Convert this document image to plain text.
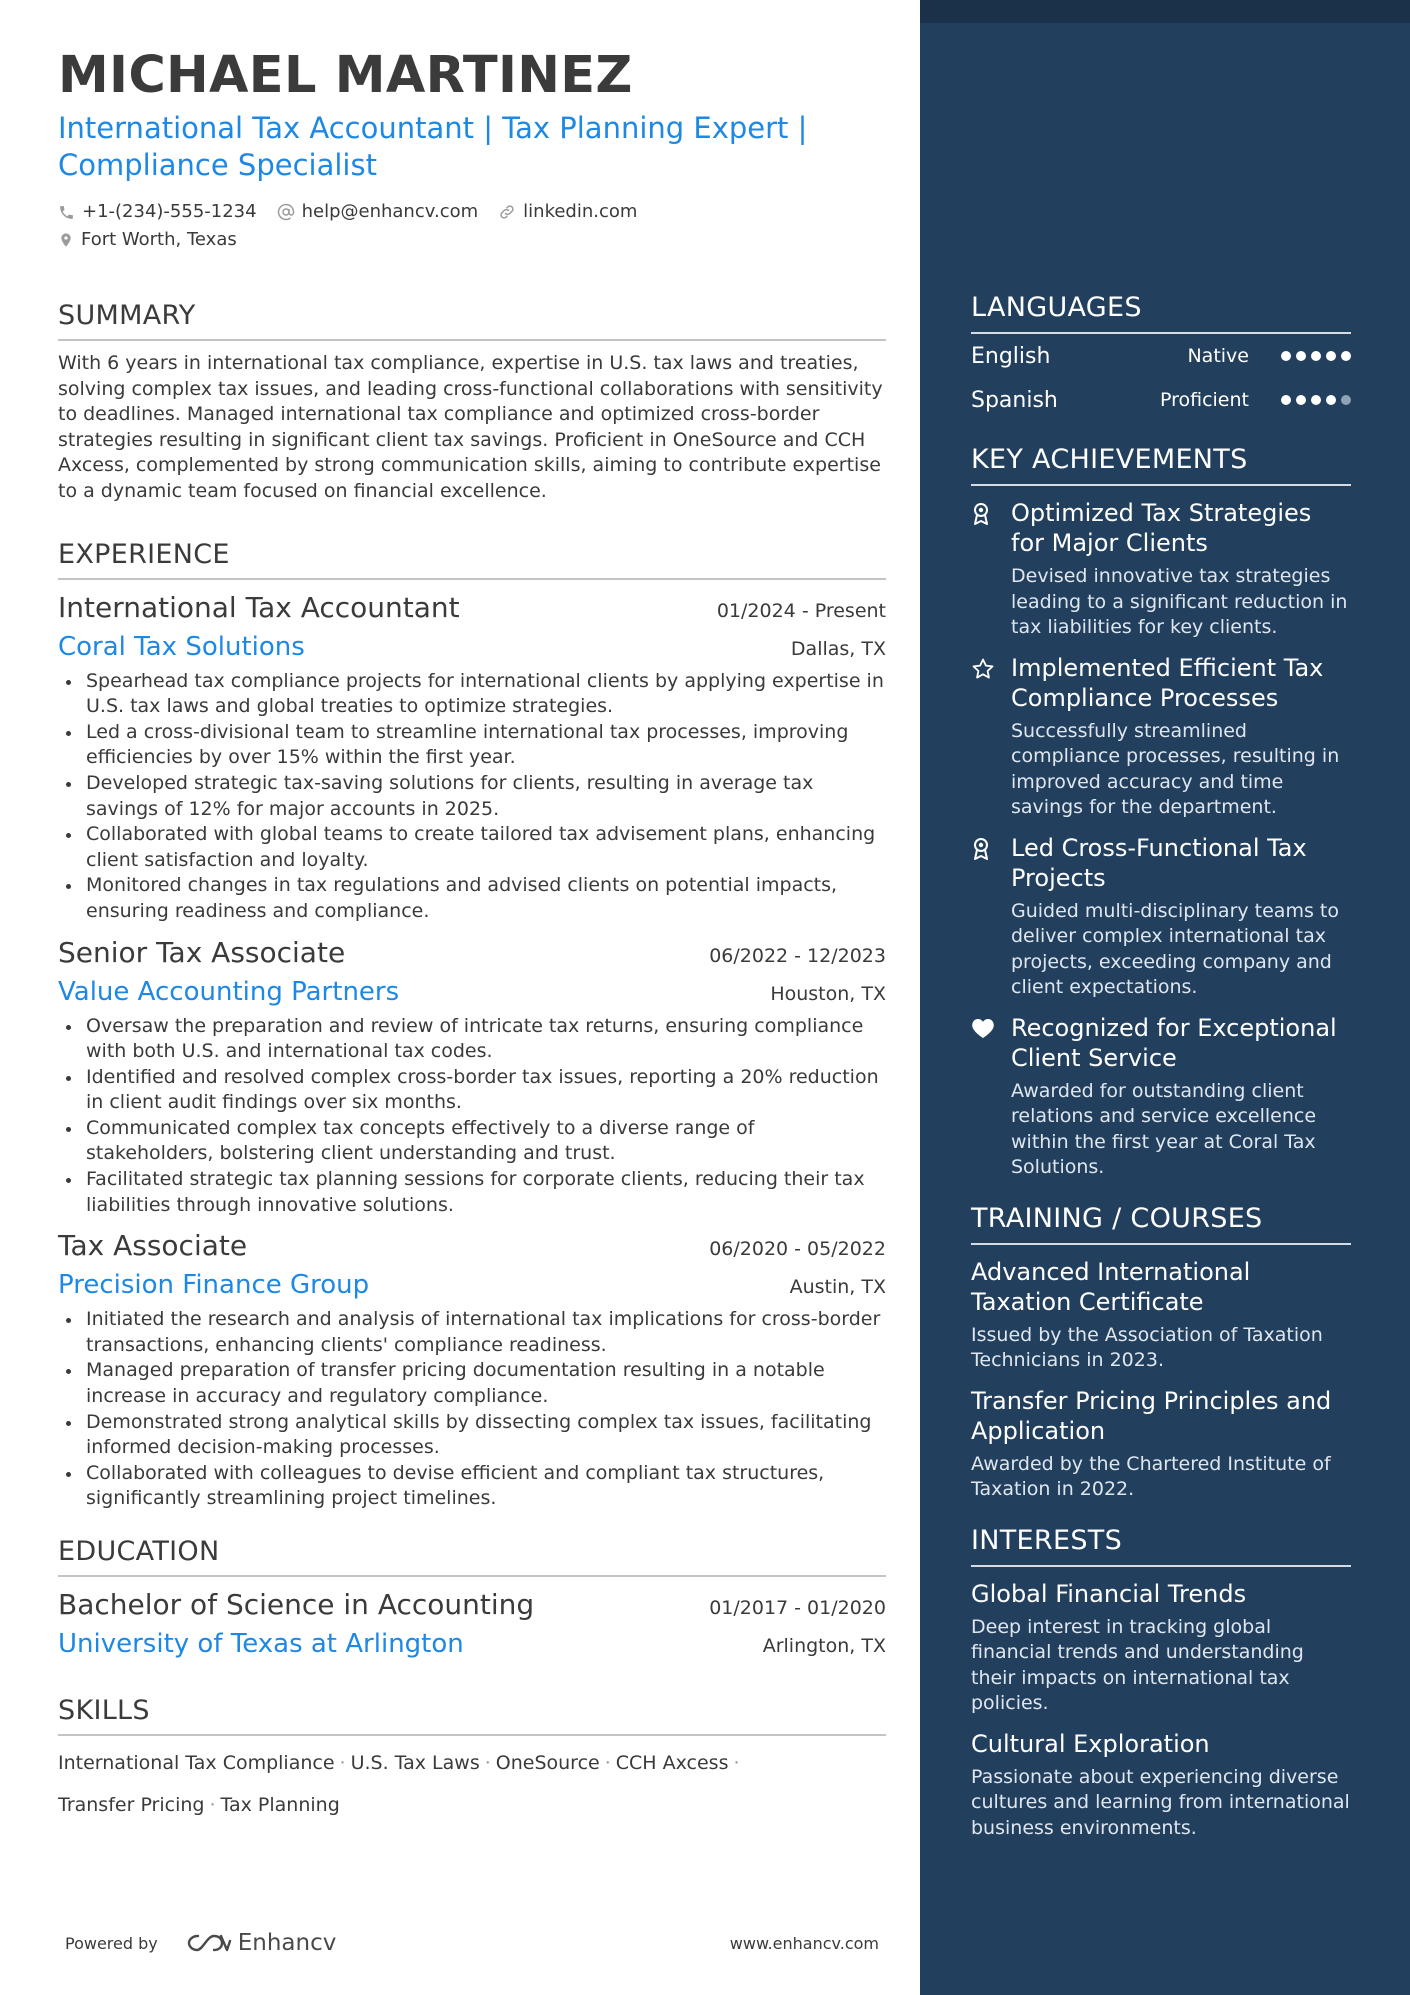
MICHAEL MARTINEZ
International Tax Accountant | Tax Planning Expert | Compliance Specialist
+1-(234)-555-1234	help@enhancv.com	linkedin.com
Fort Worth, Texas
SUMMARY
With 6 years in international tax compliance, expertise in U.S. tax laws and treaties, solving complex tax issues, and leading cross-functional collaborations with sensitivity to deadlines. Managed international tax compliance and optimized cross-border strategies resulting in significant client tax savings. Proficient in OneSource and CCH Axcess, complemented by strong communication skills, aiming to contribute expertise to a dynamic team focused on financial excellence.
EXPERIENCE
International Tax Accountant	01/2024 - Present
Coral Tax Solutions	Dallas, TX
Spearhead tax compliance projects for international clients by applying expertise in U.S. tax laws and global treaties to optimize strategies.
Led a cross-divisional team to streamline international tax processes, improving efficiencies by over 15% within the first year.
Developed strategic tax-saving solutions for clients, resulting in average tax savings of 12% for major accounts in 2025.
Collaborated with global teams to create tailored tax advisement plans, enhancing client satisfaction and loyalty.
Monitored changes in tax regulations and advised clients on potential impacts, ensuring readiness and compliance.
Senior Tax Associate	06/2022 - 12/2023
Value Accounting Partners	Houston, TX
Oversaw the preparation and review of intricate tax returns, ensuring compliance with both U.S. and international tax codes.
Identified and resolved complex cross-border tax issues, reporting a 20% reduction in client audit findings over six months.
Communicated complex tax concepts effectively to a diverse range of stakeholders, bolstering client understanding and trust.
Facilitated strategic tax planning sessions for corporate clients, reducing their tax liabilities through innovative solutions.
Tax Associate	06/2020 - 05/2022
Precision Finance Group	Austin, TX
Initiated the research and analysis of international tax implications for cross-border transactions, enhancing clients' compliance readiness.
Managed preparation of transfer pricing documentation resulting in a notable increase in accuracy and regulatory compliance.
Demonstrated strong analytical skills by dissecting complex tax issues, facilitating informed decision-making processes.
Collaborated with colleagues to devise efficient and compliant tax structures, significantly streamlining project timelines.
EDUCATION
Bachelor of Science in Accounting	01/2017 - 01/2020
University of Texas at Arlington	Arlington, TX
SKILLS
International Tax Compliance · U.S. Tax Laws · OneSource · CCH Axcess ·
Transfer Pricing · Tax Planning
Powered by	Enhancv	www.enhancv.com
LANGUAGES
English	Native
Spanish	Proficient
KEY ACHIEVEMENTS
Optimized Tax Strategies for Major Clients
Devised innovative tax strategies leading to a significant reduction in tax liabilities for key clients.
Implemented Efficient Tax Compliance Processes
Successfully streamlined compliance processes, resulting in improved accuracy and time savings for the department.
Led Cross-Functional Tax Projects
Guided multi-disciplinary teams to deliver complex international tax projects, exceeding company and client expectations.
Recognized for Exceptional Client Service
Awarded for outstanding client relations and service excellence within the first year at Coral Tax Solutions.
TRAINING / COURSES
Advanced International Taxation Certificate
Issued by the Association of Taxation Technicians in 2023.
Transfer Pricing Principles and Application
Awarded by the Chartered Institute of Taxation in 2022.
INTERESTS
Global Financial Trends
Deep interest in tracking global financial trends and understanding their impacts on international tax policies.
Cultural Exploration
Passionate about experiencing diverse cultures and learning from international business environments.
